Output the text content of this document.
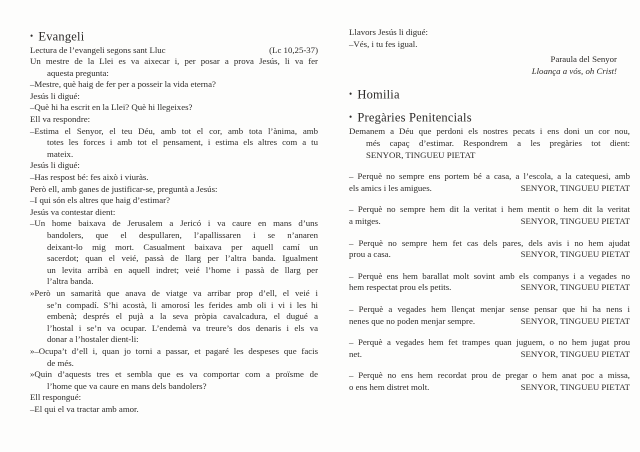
• Evangeli
Lectura de l’evangeli segons sant Lluc	(Lc 10,25-37)
Un mestre de la Llei es va aixecar i, per posar a prova Jesús, li va fer
aquesta pregunta:
–Mestre, què haig de fer per a posseir la vida eterna?
Jesús li digué:
–Què hi ha escrit en la Llei? Què hi llegeixes?
Ell va respondre:
–Estima el Senyor, el teu Déu, amb tot el cor, amb tota l’ànima, amb
totes les forces i amb tot el pensament, i estima els altres com a tu
mateix.
Jesús li digué:
–Has respost bé: fes això i viuràs.
Però ell, amb ganes de justificar-se, preguntà a Jesús:
–I qui són els altres que haig d’estimar?
Jesús va contestar dient:
–Un home baixava de Jerusalem a Jericó i va caure en mans d’uns
bandolers, que el despullaren, l’apallissaren i se n’anaren
deixant-lo mig mort. Casualment baixava per aquell camí un
sacerdot; quan el veié, passà de llarg per l’altra banda. Igualment
un levita arribà en aquell indret; veié l’home i passà de llarg per
l’altra banda.
»Però un samarità que anava de viatge va arribar prop d’ell, el veié i
se’n compadí. S’hi acostà, li amorosí les ferides amb oli i vi i les hi
embenà; després el pujà a la seva pròpia cavalcadura, el dugué a
l’hostal i se’n va ocupar. L’endemà va treure’s dos denaris i els va
donar a l’hostaler dient-li:
»–Ocupa’t d’ell i, quan jo torni a passar, et pagaré les despeses que facis
de més.
»Quin d’aquests tres et sembla que es va comportar com a proïsme de
l’home que va caure en mans dels bandolers?
Ell respongué:
–El qui el va tractar amb amor.
Llavors Jesús li digué:
–Vés, i tu fes igual.
Paraula del Senyor
Lloança a vós, oh Crist!
• Homilia
• Pregàries Penitencials
Demanem a Déu que perdoni els nostres pecats i ens doni un cor nou,
més capaç d’estimar. Respondrem a les pregàries tot dient:
SENYOR, TINGUEU PIETAT
– Perquè no sempre ens portem bé a casa, a l’escola, a la catequesi, amb
els amics i les amigues.	SENYOR, TINGUEU PIETAT
– Perquè no sempre hem dit la veritat i hem mentit o hem dit la veritat
a mitges.	SENYOR, TINGUEU PIETAT
– Perquè no sempre hem fet cas dels pares, dels avis i no hem ajudat
prou a casa.	SENYOR, TINGUEU PIETAT
– Perquè ens hem barallat molt sovint amb els companys i a vegades no
hem respectat prou els petits.	SENYOR, TINGUEU PIETAT
– Perquè a vegades hem llençat menjar sense pensar que hi ha nens i
nenes que no poden menjar sempre.	SENYOR, TINGUEU PIETAT
– Perquè a vegades hem fet trampes quan juguem, o no hem jugat prou
net.	SENYOR, TINGUEU PIETAT
– Perquè no ens hem recordat prou de pregar o hem anat poc a missa,
o ens hem distret molt.	SENYOR, TINGUEU PIETAT
